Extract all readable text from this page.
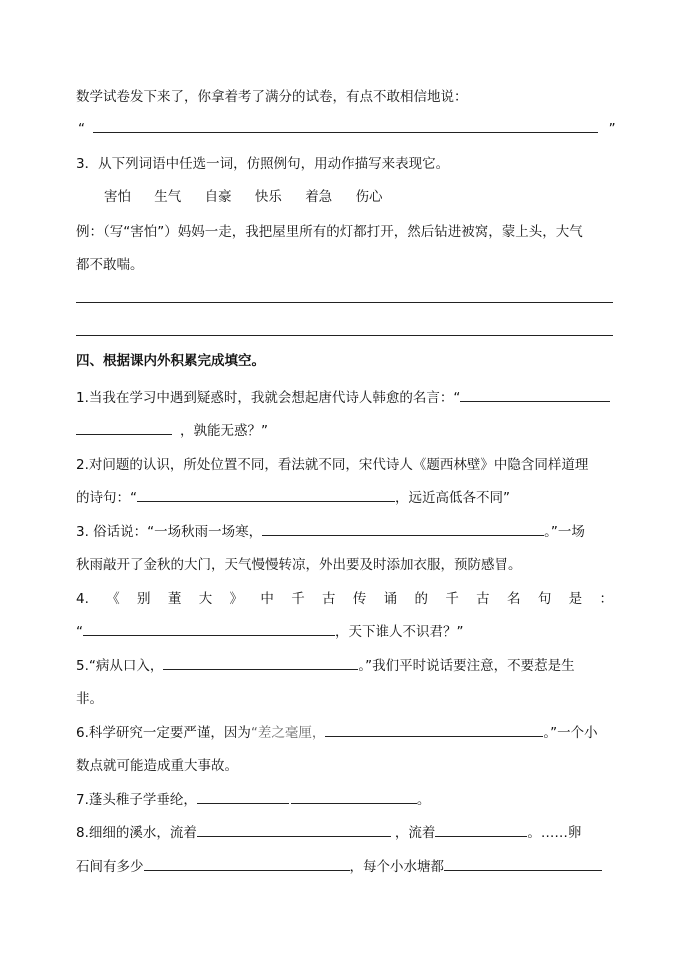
数学试卷发下来了，你拿着考了满分的试卷，有点不敢相信地说：
“	”
3．从下列词语中任选一词，仿照例句，用动作描写来表现它。
害怕 生气 自豪 快乐 着急 伤心
例：（写“害怕”）妈妈一走，我把屋里所有的灯都打开，然后钻进被窝，蒙上头，大气
都不敢喘。
四、根据课内外积累完成填空。
1.当我在学习中遇到疑惑时，我就会想起唐代诗人韩愈的名言：“
，孰能无惑？”
2.对问题的认识，所处位置不同，看法就不同，宋代诗人《题西林壁》中隐含同样道理
的诗句：“	，远近高低各不同”
3. 俗话说：“一场秋雨一场寒，	。”一场
秋雨敲开了金秋的大门，天气慢慢转凉，外出要及时添加衣服，预防感冒。
4. 《 别 董 大 》 中 千 古 传 诵 的 千 古 名 句 是 ：
“	，天下谁人不识君？”
5.“病从口入，	。”我们平时说话要注意，不要惹是生
非。
6.科学研究一定要严谨，因为“差之毫厘，	。”一个小
数点就可能造成重大事故。
7.蓬头稚子学垂纶，	。
8.细细的溪水，流着	，流着	。……卵
石间有多少	，每个小水塘都
